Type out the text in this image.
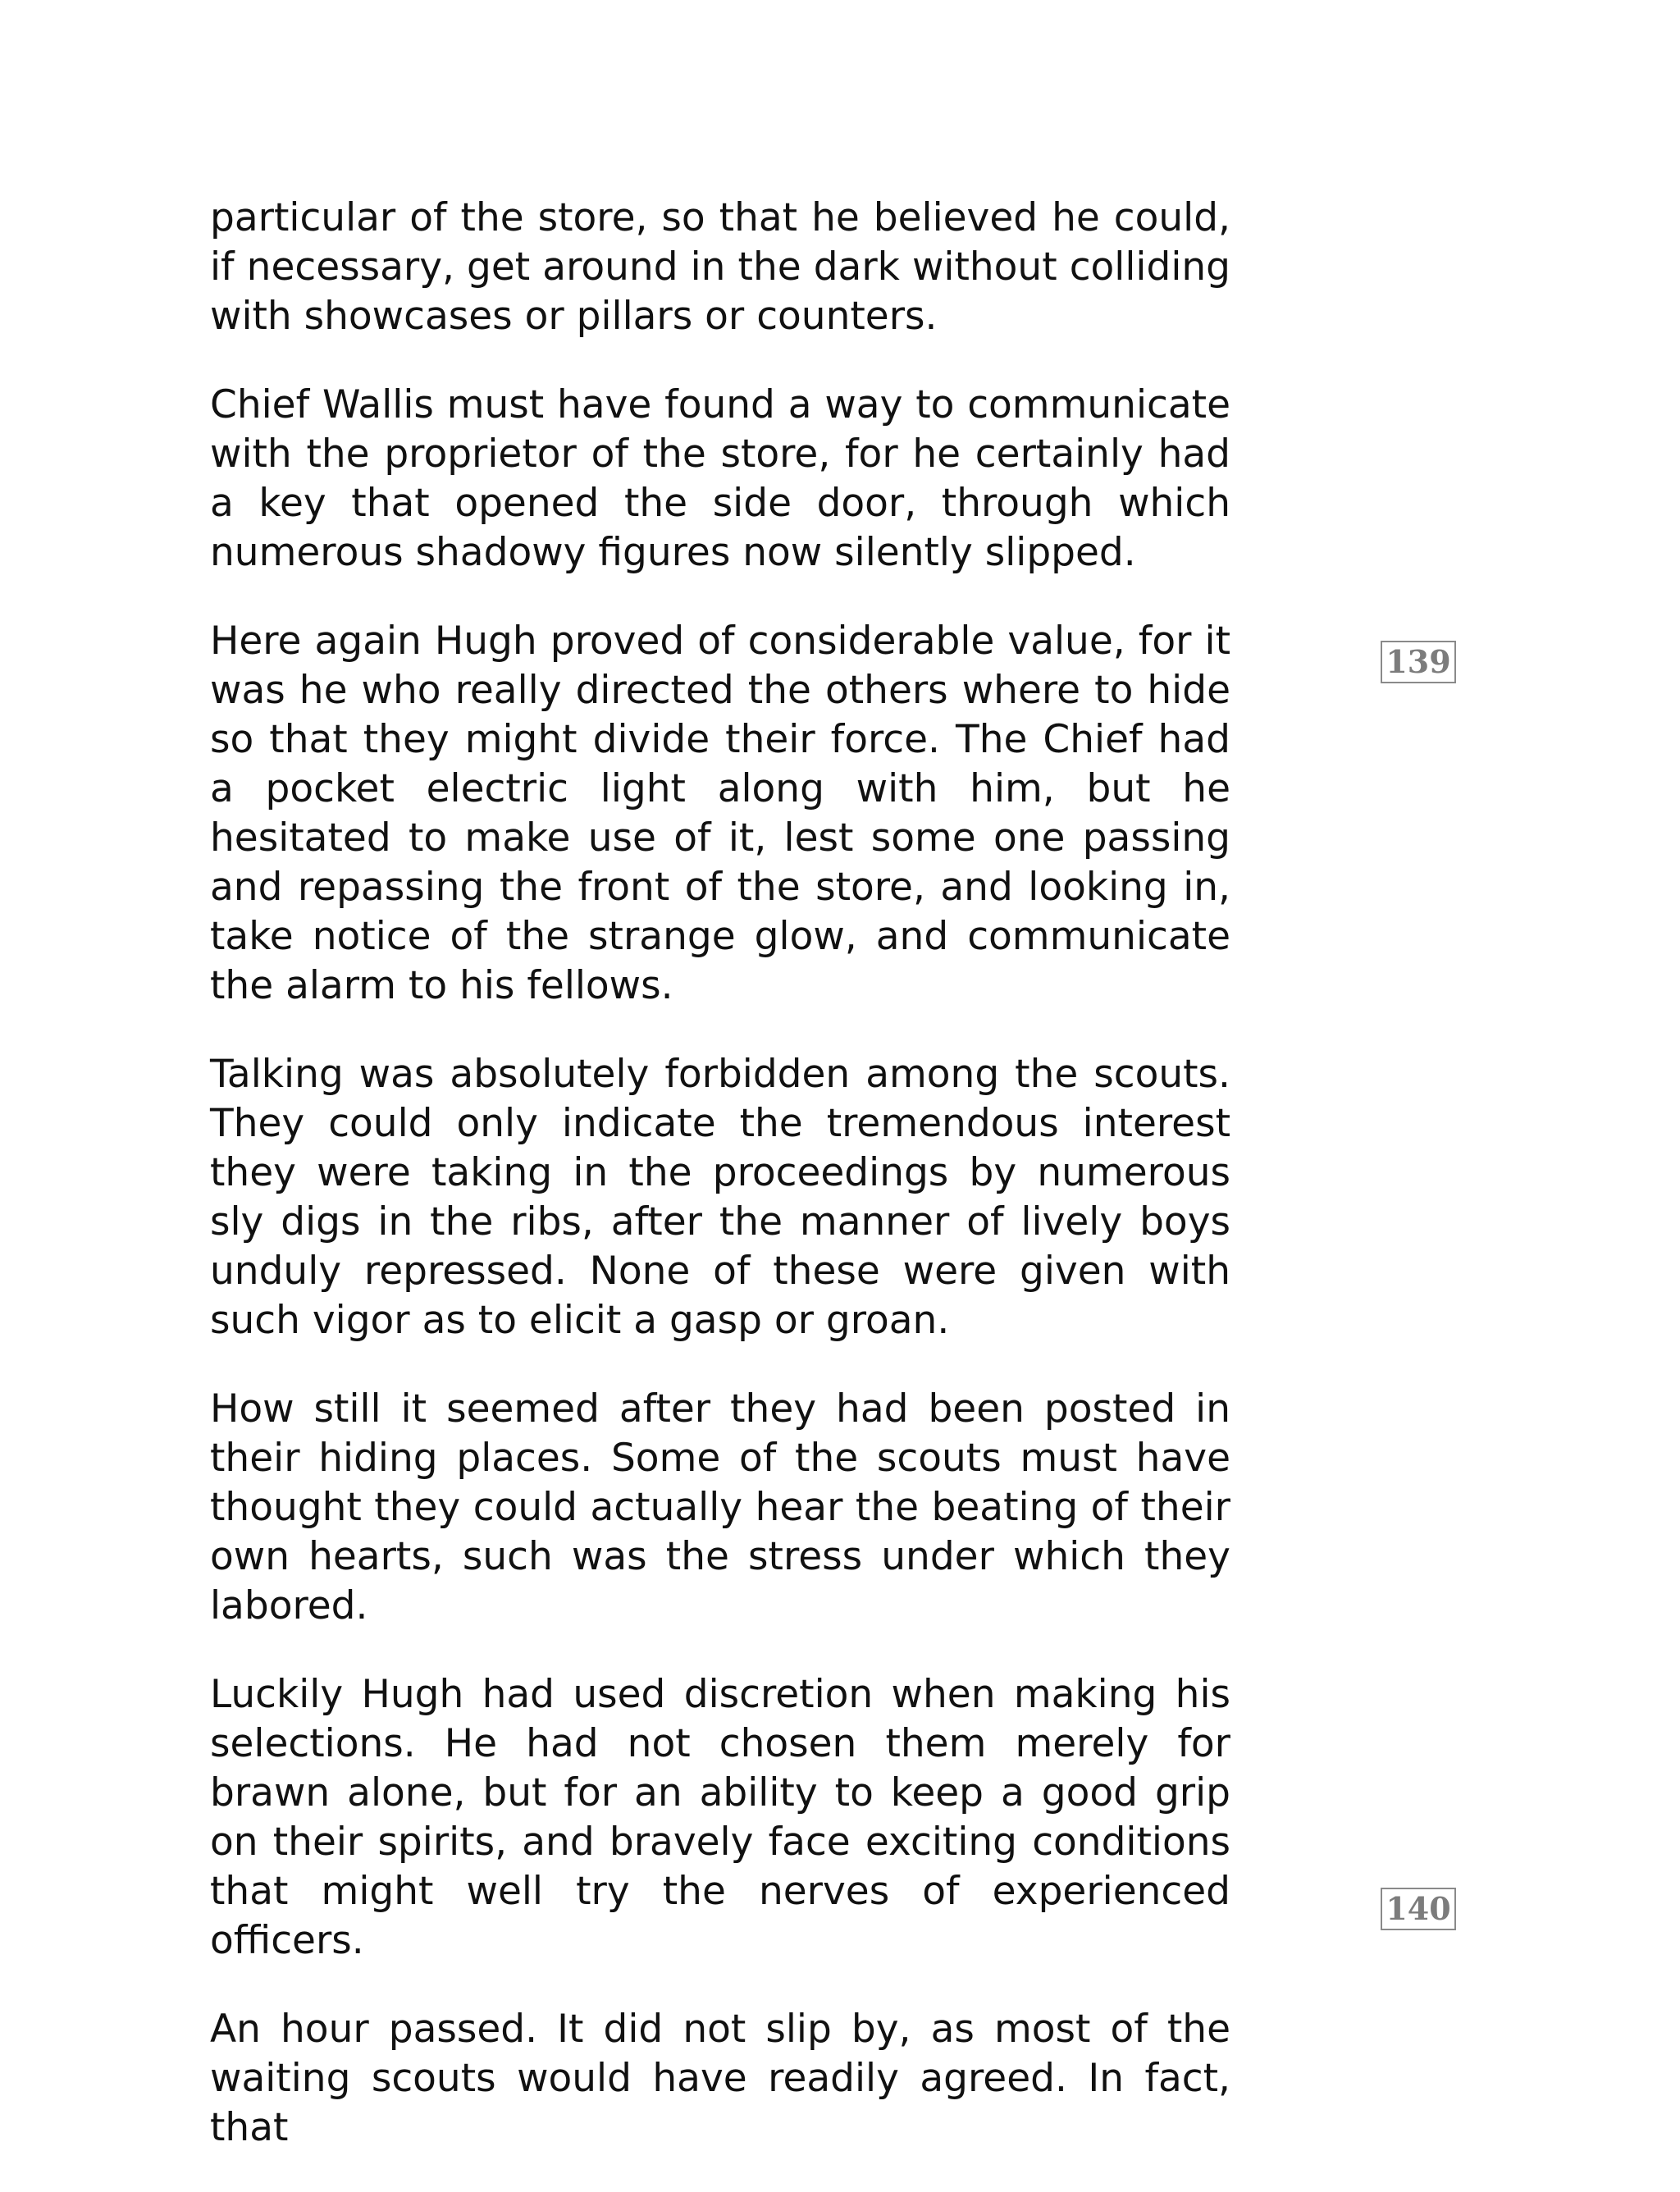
particular of the store, so that he believed he could, if necessary, get around in the dark without colliding with showcases or pillars or counters.

Chief Wallis must have found a way to communicate with the proprietor of the store, for he certainly had a key that opened the side door, through which numerous shadowy figures now silently slipped.

Here again Hugh proved of considerable value, for it was he who really directed the others where to hide so that they might divide their force. The Chief had a pocket electric light along with him, but he hesitated to make use of it, lest some one passing and repassing the front of the store, and looking in, take notice of the strange glow, and communicate the alarm to his fellows.

Talking was absolutely forbidden among the scouts. They could only indicate the tremendous interest they were taking in the proceedings by numerous sly digs in the ribs, after the manner of lively boys unduly repressed. None of these were given with such vigor as to elicit a gasp or groan.

How still it seemed after they had been posted in their hiding places. Some of the scouts must have thought they could actually hear the beating of their own hearts, such was the stress under which they labored.

Luckily Hugh had used discretion when making his selections. He had not chosen them merely for brawn alone, but for an ability to keep a good grip on their spirits, and bravely face exciting conditions that might well try the nerves of experienced officers.

An hour passed. It did not slip by, as most of the waiting scouts would have readily agreed. In fact, that

139
140
